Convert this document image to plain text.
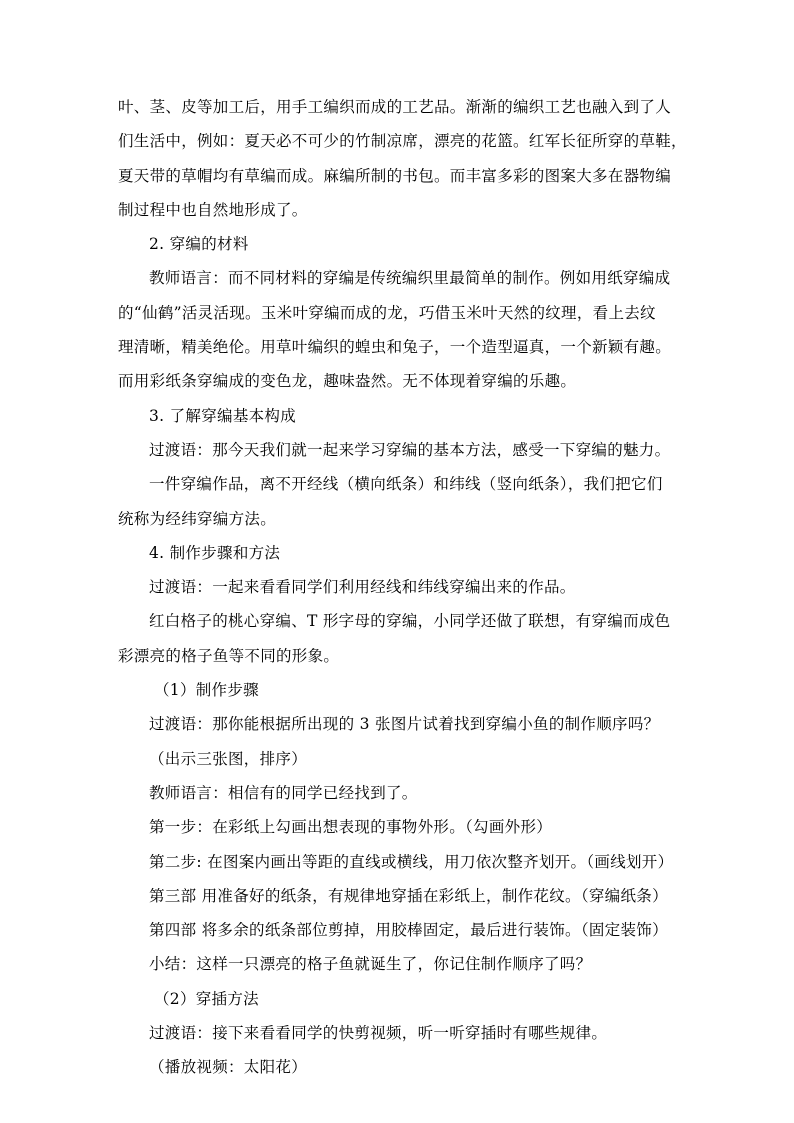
叶、茎、皮等加工后，用手工编织而成的工艺品。渐渐的编织工艺也融入到了人
们生活中，例如：夏天必不可少的竹制凉席，漂亮的花篮。红军长征所穿的草鞋，
夏天带的草帽均有草编而成。麻编所制的书包。而丰富多彩的图案大多在器物编
制过程中也自然地形成了。
2. 穿编的材料
教师语言：而不同材料的穿编是传统编织里最简单的制作。例如用纸穿编成
的“仙鹤”活灵活现。玉米叶穿编而成的龙，巧借玉米叶天然的纹理，看上去纹
理清晰，精美绝伦。用草叶编织的蝗虫和兔子，一个造型逼真，一个新颖有趣。
而用彩纸条穿编成的变色龙，趣味盎然。无不体现着穿编的乐趣。
3. 了解穿编基本构成
过渡语：那今天我们就一起来学习穿编的基本方法，感受一下穿编的魅力。
一件穿编作品，离不开经线（横向纸条）和纬线（竖向纸条），我们把它们
统称为经纬穿编方法。
4. 制作步骤和方法
过渡语：一起来看看同学们利用经线和纬线穿编出来的作品。
红白格子的桃心穿编、T 形字母的穿编，小同学还做了联想，有穿编而成色
彩漂亮的格子鱼等不同的形象。
（1）制作步骤
过渡语：那你能根据所出现的 3 张图片试着找到穿编小鱼的制作顺序吗？
（出示三张图，排序）
教师语言：相信有的同学已经找到了。
第一步：在彩纸上勾画出想表现的事物外形。（勾画外形）
第二步: 在图案内画出等距的直线或横线，用刀依次整齐划开。（画线划开）
第三部 用准备好的纸条，有规律地穿插在彩纸上，制作花纹。（穿编纸条）
第四部 将多余的纸条部位剪掉，用胶棒固定，最后进行装饰。（固定装饰）
小结：这样一只漂亮的格子鱼就诞生了，你记住制作顺序了吗？
（2）穿插方法
过渡语：接下来看看同学的快剪视频，听一听穿插时有哪些规律。
（播放视频：太阳花）
